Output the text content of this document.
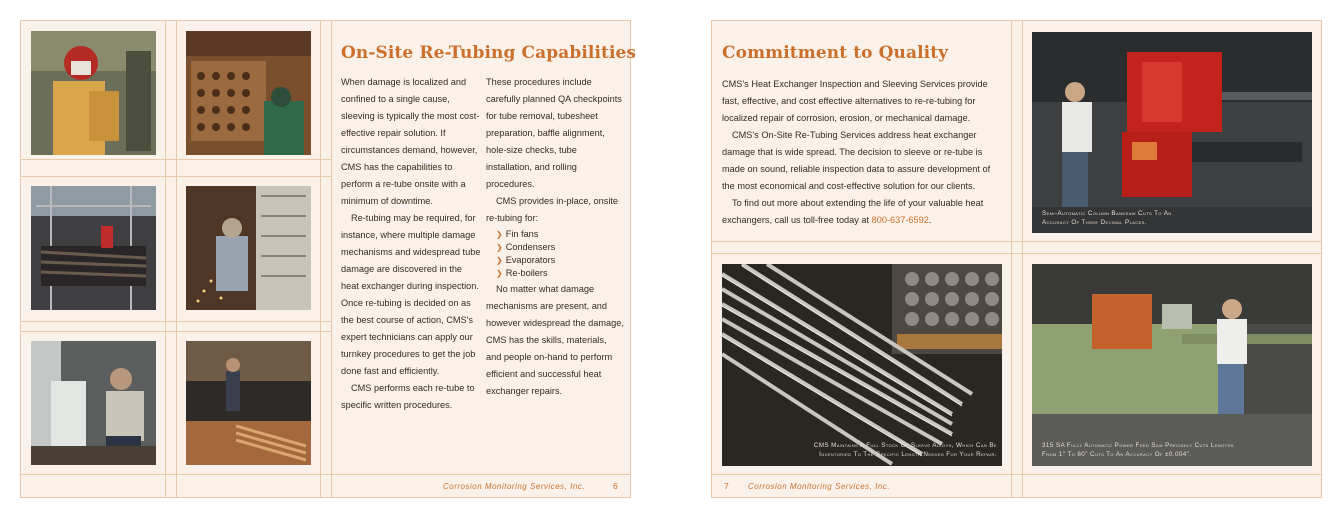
On-Site Re-Tubing Capabilities

When damage is localized and confined to a single cause, sleeving is typically the most cost-effective repair solution. If circumstances demand, however, CMS has the capabilities to perform a re-tube onsite with a minimum of downtime.

Re-tubing may be required, for instance, where multiple damage mechanisms and widespread tube damage are discovered in the heat exchanger during inspection. Once re-tubing is decided on as the best course of action, CMS's expert technicians can apply our turnkey procedures to get the job done fast and efficiently.

CMS performs each re-tube to specific written procedures.

These procedures include carefully planned QA checkpoints for tube removal, tubesheet preparation, baffle alignment, hole-size checks, tube installation, and rolling procedures.

CMS provides in-place, onsite re-tubing for:

❯ Fin fans
❯ Condensers
❯ Evaporators
❯ Re-boilers

No matter what damage mechanisms are present, and however widespread the damage, CMS has the skills, materials, and people on-hand to perform efficient and successful heat exchanger repairs.

Corrosion Monitoring Services, Inc.	6
Commitment to Quality

CMS's Heat Exchanger Inspection and Sleeving Services provide fast, effective, and cost effective alternatives to re-re-tubing for localized repair of corrosion, erosion, or mechanical damage.

CMS's On-Site Re-Tubing Services address heat exchanger damage that is wide spread. The decision to sleeve or re-tube is made on sound, reliable inspection data to assure development of the most economical and cost-effective solution for our clients.

To find out more about extending the life of your valuable heat exchangers, call us toll-free today at 800-637-6592.

Semi-Automatic Column Bandsaw Cuts To An Accuracy Of Three Decimal Places.
CMS Maintains A Full Stock Of Sleeve Alloys, Which Can Be Inventoried To The Specific Length Needed For Your Repair.
315 SA Fully Automatic Power Feed Saw Precisely Cuts Lengths From 1" To 80" Cuts To An Accuracy Of ±0.004".
7 Corrosion Monitoring Services, Inc.
